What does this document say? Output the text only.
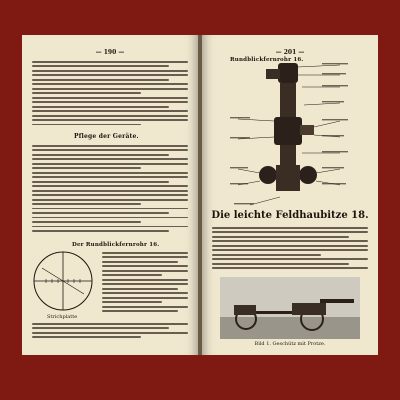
— 190 —
Pflege der Geräte.
Der Rundblickfernrohr 16.
Strichplatte
— 201 —
Rundblickfernrohr 16.
Die leichte Feldhaubitze 18.
Bild 1. Geschütz mit Protze.
